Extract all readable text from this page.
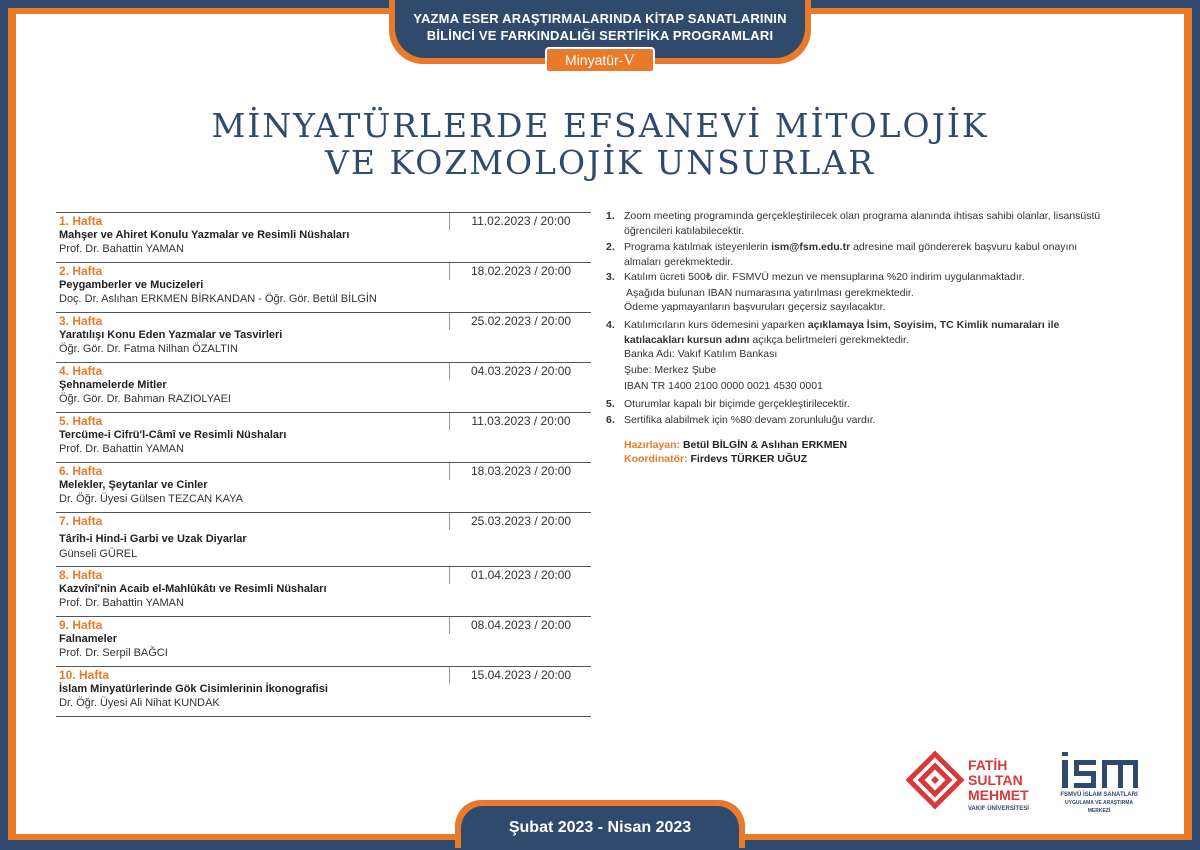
YAZMA ESER ARAŞTIRMALARINDA KİTAP SANATLARININ
BİLİNCİ VE FARKINDALIĞI SERTİFİKA PROGRAMLARI
Minyatür-V
MİNYATÜRLERDE EFSANEVİ MİTOLOJİK
VE KOZMOLOJİK UNSURLAR
1. Hafta
Mahşer ve Ahiret Konulu Yazmalar ve Resimli Nüshaları
Prof. Dr. Bahattin YAMAN
11.02.2023 / 20:00
2. Hafta
Peygamberler ve Mucizeleri
Doç. Dr. Aslıhan ERKMEN BİRKANDAN - Öğr. Gör. Betül BİLGİN
18.02.2023 / 20:00
3. Hafta
Yaratılışı Konu Eden Yazmalar ve Tasvirleri
Öğr. Gör. Dr. Fatma Nilhan ÖZALTIN
25.02.2023 / 20:00
4. Hafta
Şehnamelerde Mitler
Öğr. Gör. Dr. Bahman RAZIOLYAEI
04.03.2023 / 20:00
5. Hafta
Tercüme-i Cifrü'l-Câmî ve Resimli Nüshaları
Prof. Dr. Bahattin YAMAN
11.03.2023 / 20:00
6. Hafta
Melekler, Şeytanlar ve Cinler
Dr. Öğr. Üyesi Gülsen TEZCAN KAYA
18.03.2023 / 20:00
7. Hafta
Târîh-i Hind-i Garbi ve Uzak Diyarlar
Günseli GÜREL
25.03.2023 / 20:00
8. Hafta
Kazvînî'nin Acaib el-Mahlûkâtı ve Resimli Nüshaları
Prof. Dr. Bahattin YAMAN
01.04.2023 / 20:00
9. Hafta
Falnameler
Prof. Dr. Serpil BAĞCI
08.04.2023 / 20:00
10. Hafta
İslam Minyatürlerinde Gök Cisimlerinin İkonografisi
Dr. Öğr. Üyesi Ali Nihat KUNDAK
15.04.2023 / 20:00
1. Zoom meeting programında gerçekleştirilecek olan programa alanında ihtisas sahibi olanlar, lisansüstü öğrencileri katılabilecektir.
2. Programa katılmak isteyenlerin ism@fsm.edu.tr adresine mail göndererek başvuru kabul onayını almaları gerekmektedir.
3. Katılım ücreti 500₺ dir. FSMVÜ mezun ve mensuplarına %20 indirim uygulanmaktadır.
Aşağıda bulunan IBAN numarasına yatırılması gerekmektedir.
Ödeme yapmayanların başvuruları geçersiz sayılacaktır.
4. Katılımcıların kurs ödemesini yaparken açıklamaya İsim, Soyisim, TC Kimlik numaraları ile katılacakları kursun adını açıkça belirtmeleri gerekmektedir.
Banka Adı: Vakıf Katılım Bankası
Şube: Merkez Şube
IBAN TR 1400 2100 0000 0021 4530 0001
5. Oturumlar kapalı bir biçimde gerçekleştirilecektir.
6. Sertifika alabilmek için %80 devam zorunluluğu vardır.
Hazırlayan: Betül BİLGİN & Aslıhan ERKMEN
Koordinatör: Firdevs TÜRKER UĞUZ
FATİH
SULTAN
MEHMET
VAKIF ÜNİVERSİTESİ
FSMVÜ İSLAM SANATLARI
UYGULAMA VE ARAŞTIRMA MERKEZİ
Şubat 2023 - Nisan 2023
